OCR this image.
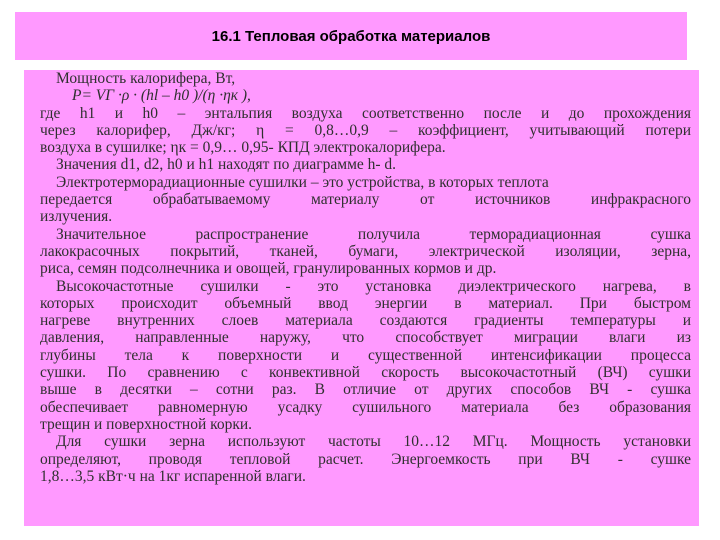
16.1 Тепловая обработка материалов
Мощность калорифера, Вт,
P= VГ ·ρ · (hl – h0 )/(η ·ηк ),
где h1 и h0 – энтальпия воздуха соответственно после и до прохождения
через калорифер, Дж/кг; η = 0,8…0,9 – коэффициент, учитывающий потери
воздуха в сушилке; ηк = 0,9… 0,95- КПД электрокалорифера.
Значения d1, d2, h0 и h1 находят по диаграмме h- d.
Электротерморадиационные сушилки – это устройства, в которых теплота
передается обрабатываемому материалу от источников инфракрасного
излучения.
Значительное распространение получила терморадиационная сушка
лакокрасочных покрытий, тканей, бумаги, электрической изоляции, зерна,
риса, семян подсолнечника и овощей, гранулированных кормов и др.
Высокочастотные сушилки - это установка диэлектрического нагрева, в
которых происходит объемный ввод энергии в материал. При быстром
нагреве внутренних слоев материала создаются градиенты температуры и
давления, направленные наружу, что способствует миграции влаги из
глубины тела к поверхности и существенной интенсификации процесса
сушки. По сравнению с конвективной скорость высокочастотный (ВЧ) сушки
выше в десятки – сотни раз. В отличие от других способов ВЧ - сушка
обеспечивает равномерную усадку сушильного материала без образования
трещин и поверхностной корки.
Для сушки зерна используют частоты 10…12 МГц. Мощность установки
определяют, проводя тепловой расчет. Энергоемкость при ВЧ - сушке
1,8…3,5 кВт·ч на 1кг испаренной влаги.
